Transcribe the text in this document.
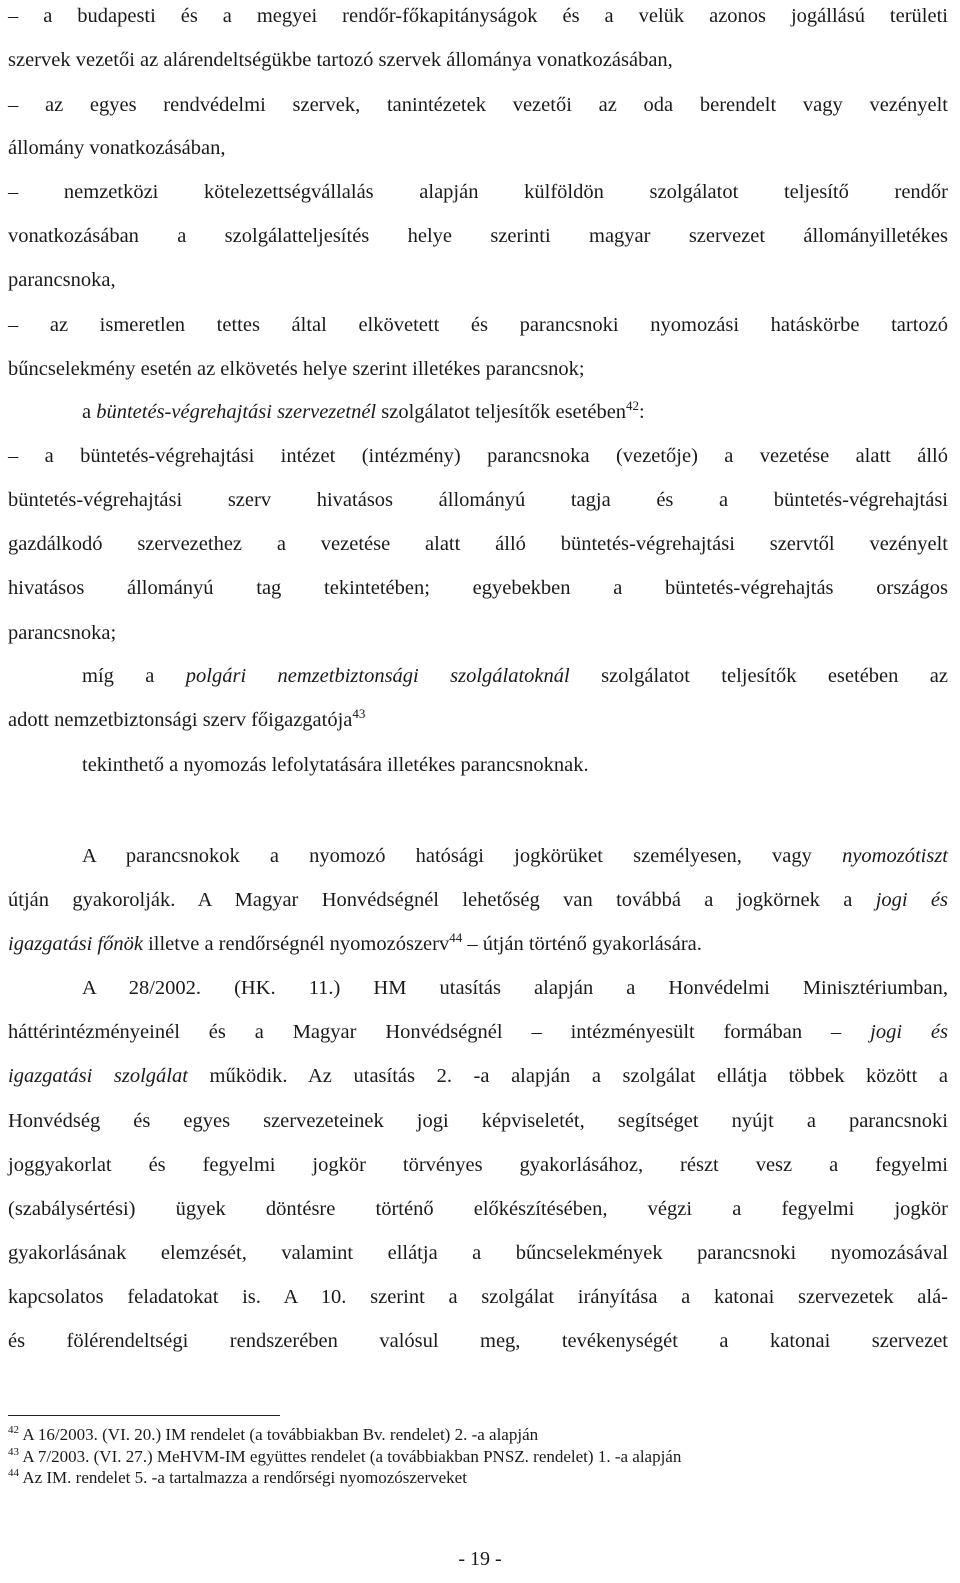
– a budapesti és a megyei rendőr-főkapitányságok és a velük azonos jogállású területi
szervek vezetői az alárendeltségükbe tartozó szervek állománya vonatkozásában,
– az egyes rendvédelmi szervek, tanintézetek vezetői az oda berendelt vagy vezényelt
állomány vonatkozásában,
– nemzetközi kötelezettségvállalás alapján külföldön szolgálatot teljesítő rendőr
vonatkozásában a szolgálatteljesítés helye szerinti magyar szervezet állományilletékes
parancsnoka,
– az ismeretlen tettes által elkövetett és parancsnoki nyomozási hatáskörbe tartozó
bűncselekmény esetén az elkövetés helye szerint illetékes parancsnok;
a büntetés-végrehajtási szervezetnél szolgálatot teljesítők esetében$^{42}$:
– a büntetés-végrehajtási intézet (intézmény) parancsnoka (vezetője) a vezetése alatt álló
büntetés-végrehajtási szerv hivatásos állományú tagja és a büntetés-végrehajtási
gazdálkodó szervezethez a vezetése alatt álló büntetés-végrehajtási szervtől vezényelt
hivatásos állományú tag tekintetében; egyebekben a büntetés-végrehajtás országos
parancsnoka;
míg a polgári nemzetbiztonsági szolgálatoknál szolgálatot teljesítők esetében az
adott nemzetbiztonsági szerv főigazgatója$^{43}$
tekinthető a nyomozás lefolytatására illetékes parancsnoknak.
A parancsnokok a nyomozó hatósági jogkörüket személyesen, vagy nyomozótiszt
útján gyakorolják. A Magyar Honvédségnél lehetőség van továbbá a jogkörnek a jogi és
igazgatási főnök illetve a rendőrségnél nyomozószerv$^{44}$ – útján történő gyakorlására.
A 28/2002. (HK. 11.) HM utasítás alapján a Honvédelmi Minisztériumban,
háttérintézményeinél és a Magyar Honvédségnél – intézményesült formában – jogi és
igazgatási szolgálat működik. Az utasítás 2. -a alapján a szolgálat ellátja többek között a
Honvédség és egyes szervezeteinek jogi képviseletét, segítséget nyújt a parancsnoki
joggyakorlat és fegyelmi jogkör törvényes gyakorlásához, részt vesz a fegyelmi
(szabálysértési) ügyek döntésre történő előkészítésében, végzi a fegyelmi jogkör
gyakorlásának elemzését, valamint ellátja a bűncselekmények parancsnoki nyomozásával
kapcsolatos feladatokat is. A 10. szerint a szolgálat irányítása a katonai szervezetek alá-
és fölérendeltségi rendszerében valósul meg, tevékenységét a katonai szervezet
$^{42}$ A 16/2003. (VI. 20.) IM rendelet (a továbbiakban Bv. rendelet) 2. -a alapján
$^{43}$ A 7/2003. (VI. 27.) MeHVM-IM együttes rendelet (a továbbiakban PNSZ. rendelet) 1. -a alapján
$^{44}$ Az IM. rendelet 5. -a tartalmazza a rendőrségi nyomozószerveket
- 19 -
